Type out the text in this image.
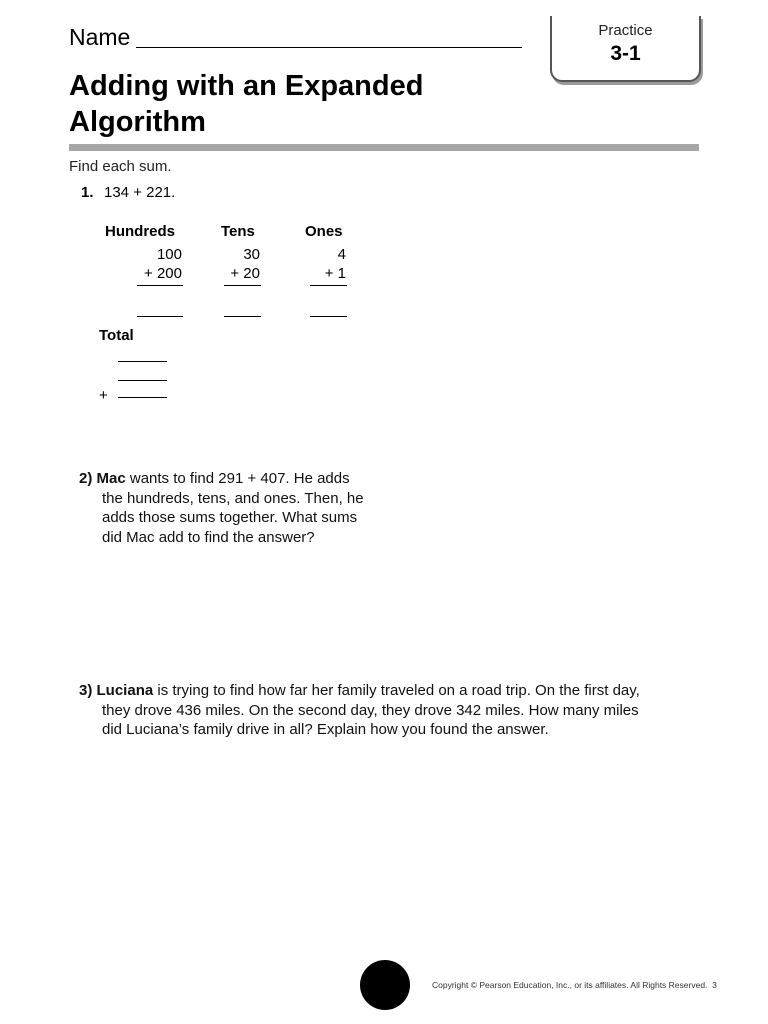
Name	Practice
3-1
Adding with an Expanded Algorithm
Find each sum.
1. 134 + 221.
Hundreds
100
+ 200
Tens
30
+ 20
Ones
4
+ 1
Total
+
2) Mac wants to find 291 + 407. He adds
the hundreds, tens, and ones. Then, he
adds those sums together. What sums
did Mac add to find the answer?
3) Luciana is trying to find how far her family traveled on a road trip. On the first day,
they drove 436 miles. On the second day, they drove 342 miles. How many miles
did Luciana’s family drive in all? Explain how you found the answer.
Copyright © Pearson Education, Inc., or its affiliates. All Rights Reserved. 3
